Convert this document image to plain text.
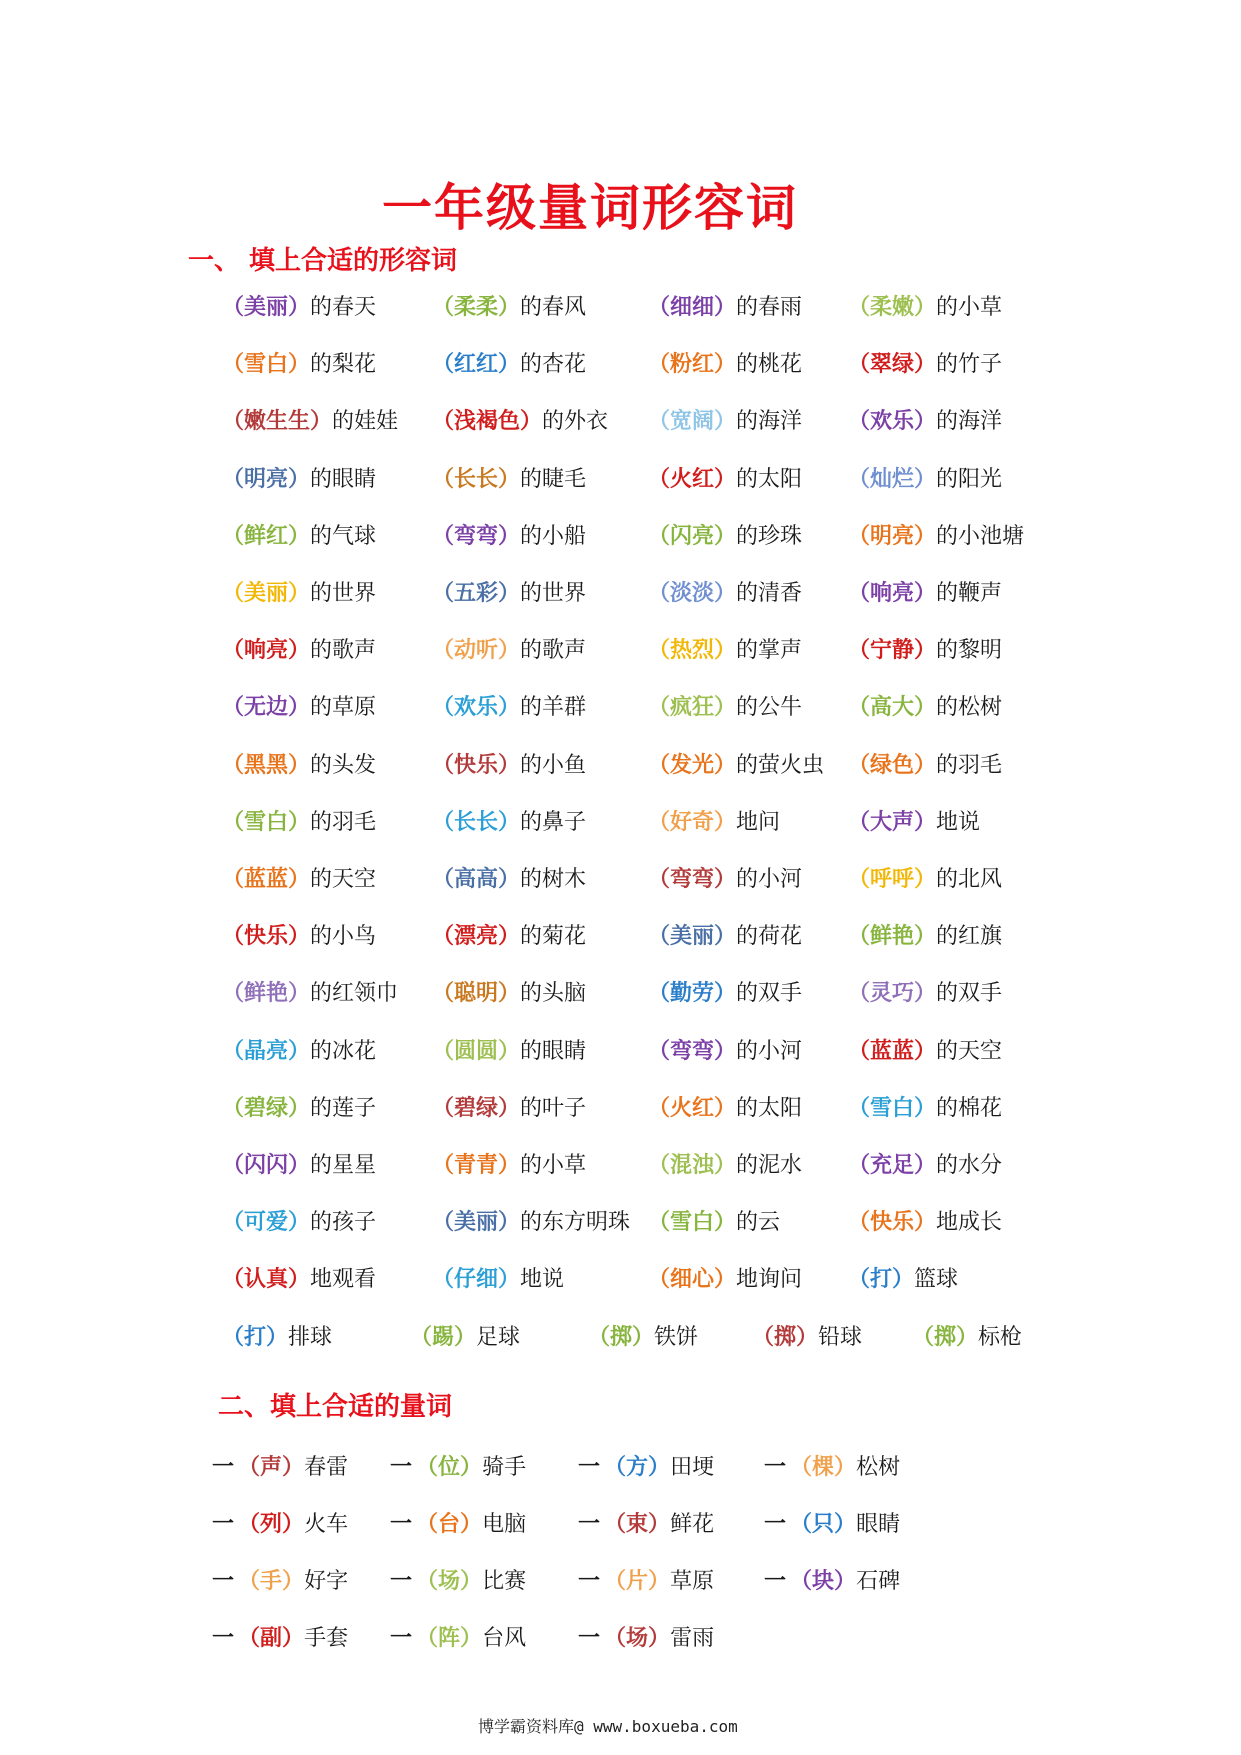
一年级量词形容词
一、 填上合适的形容词
二、填上合适的量词
博学霸资料库@ www.boxueba.com
（美丽）的春天	（柔柔）的春风	（细细）的春雨 （柔嫩）的小草
（雪白）的梨花	（红红）的杏花	（粉红）的桃花 （翠绿）的竹子
（嫩生生）的娃娃 （浅褐色）的外衣 （宽阔）的海洋 （欢乐）的海洋
（明亮）的眼睛	（长长）的睫毛	（火红）的太阳 （灿烂）的阳光
（鲜红）的气球	（弯弯）的小船	（闪亮）的珍珠 （明亮）的小池塘
（美丽）的世界	（五彩）的世界	（淡淡）的清香 （响亮）的鞭声
（响亮）的歌声	（动听）的歌声	（热烈）的掌声 （宁静）的黎明
（无边）的草原	（欢乐）的羊群	（疯狂）的公牛 （高大）的松树
（黑黑）的头发	（快乐）的小鱼	（发光）的萤火虫 （绿色）的羽毛
（雪白）的羽毛	（长长）的鼻子	（好奇）地问	（大声）地说
（蓝蓝）的天空	（高高）的树木	（弯弯）的小河 （呼呼）的北风
（快乐）的小鸟	（漂亮）的菊花	（美丽）的荷花 （鲜艳）的红旗
（鲜艳）的红领巾 （聪明）的头脑	（勤劳）的双手 （灵巧）的双手
（晶亮）的冰花	（圆圆）的眼睛	（弯弯）的小河 （蓝蓝）的天空
（碧绿）的莲子	（碧绿）的叶子	（火红）的太阳 （雪白）的棉花
（闪闪）的星星	（青青）的小草	（混浊）的泥水 （充足）的水分
（可爱）的孩子	（美丽）的东方明珠 （雪白）的云	（快乐）地成长
（认真）地观看	（仔细）地说	（细心）地询问 （打）篮球
（打）排球	（踢）足球	（掷）铁饼 （掷）铅球 （掷）标枪
一 （声）春雷 一 （位）骑手 一 （方）田埂 一 （棵）松树
一 （列）火车 一 （台）电脑 一 （束）鲜花 一 （只）眼睛
一 （手）好字 一 （场）比赛 一 （片）草原 一 （块）石碑
一 （副）手套 一 （阵）台风 一 （场）雷雨
